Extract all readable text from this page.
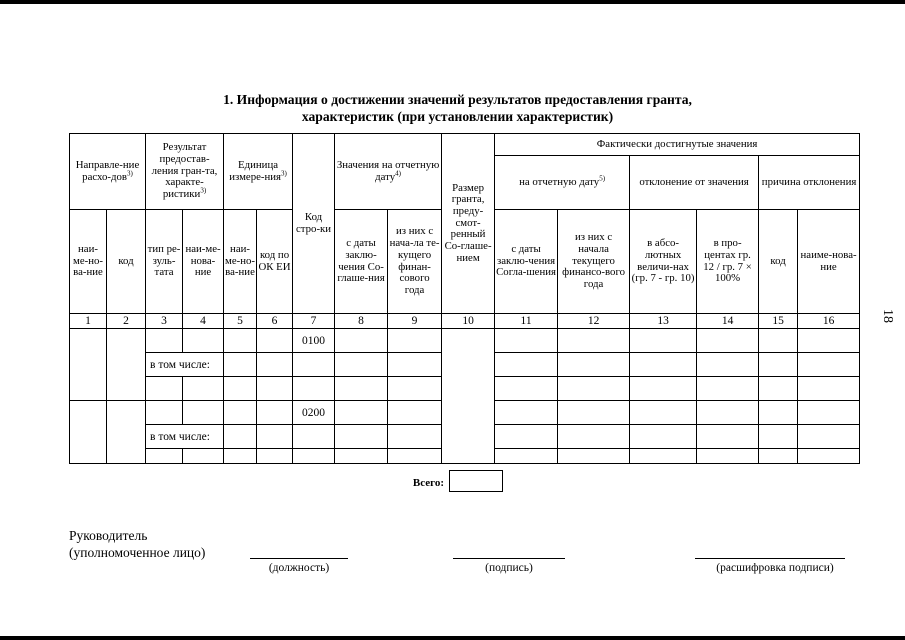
1. Информация о достижении значений результатов предоставления гранта,
характеристик (при установлении характеристик)
18
Направле-ние расхо-дов$^{3)}$		Результат предостав-ления гран-та, характе-ристики$^{3)}$		Единица измере-ния$^{3)}$		Код стро-ки	Значения на отчетную дату$^{4)}$		Размер гранта, преду-смот-ренный Со-глаше-нием	Фактически достигнутые значения					
										на отчетную дату$^{5)}$		отклонение от значения		причина отклонения	
наи-ме-но-ва-ние	код	тип ре-зуль-тата	наи-ме-нова-ние	наи-ме-но-ва-ние	код по ОК ЕИ		с даты заклю-чения Со-глаше-ния	из них с нача-ла те-кущего финан-сового года		с даты заклю-чения Согла-шения	из них с начала текущего финансо-вого года	в абсо-лютных величи-нах (гр. 7 - гр. 10)	в про-центах гр. 12 / гр. 7 × 100%	код	наиме-нова-ние
1	2	3	4	5	6	7	8	9	10	11	12	13	14	15	16
						0100									
		в том числе:													

						0200									
		в том числе:													

Всего:
Руководитель
(уполномоченное лицо)
(должность)	(подпись)	(расшифровка подписи)
